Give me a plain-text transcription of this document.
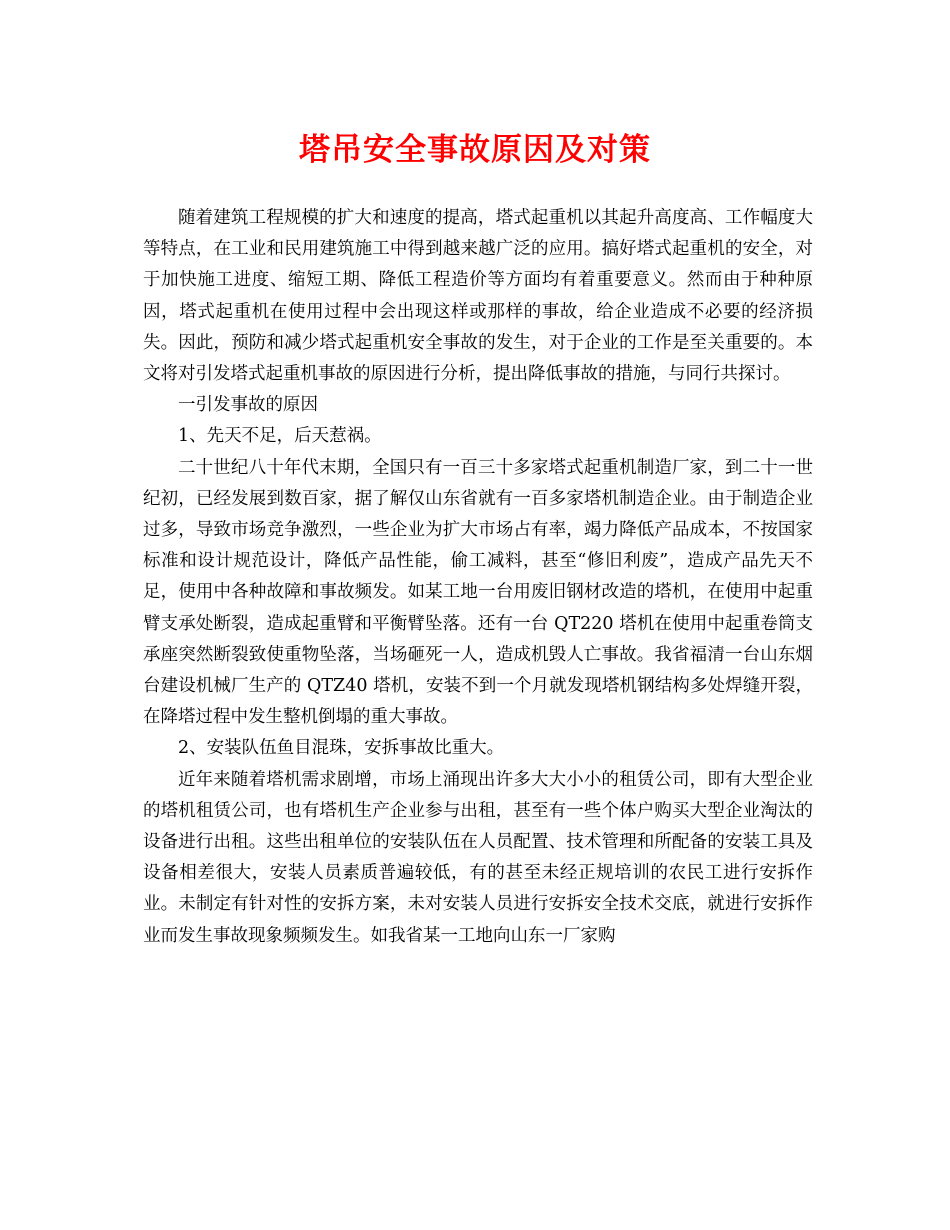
塔吊安全事故原因及对策

随着建筑工程规模的扩大和速度的提高，塔式起重机以其起升高度高、工作幅度大等特点，在工业和民用建筑施工中得到越来越广泛的应用。搞好塔式起重机的安全，对于加快施工进度、缩短工期、降低工程造价等方面均有着重要意义。然而由于种种原因，塔式起重机在使用过程中会出现这样或那样的事故，给企业造成不必要的经济损失。因此，预防和减少塔式起重机安全事故的发生，对于企业的工作是至关重要的。本文将对引发塔式起重机事故的原因进行分析，提出降低事故的措施，与同行共探讨。

一引发事故的原因

1、先天不足，后天惹祸。

二十世纪八十年代末期，全国只有一百三十多家塔式起重机制造厂家，到二十一世纪初，已经发展到数百家，据了解仅山东省就有一百多家塔机制造企业。由于制造企业过多，导致市场竞争激烈，一些企业为扩大市场占有率，竭力降低产品成本，不按国家标准和设计规范设计，降低产品性能，偷工减料，甚至“修旧利废”，造成产品先天不足，使用中各种故障和事故频发。如某工地一台用废旧钢材改造的塔机，在使用中起重臂支承处断裂，造成起重臂和平衡臂坠落。还有一台 QT220 塔机在使用中起重卷筒支承座突然断裂致使重物坠落，当场砸死一人，造成机毁人亡事故。我省福清一台山东烟台建设机械厂生产的 QTZ40 塔机，安装不到一个月就发现塔机钢结构多处焊缝开裂，在降塔过程中发生整机倒塌的重大事故。

2、安装队伍鱼目混珠，安拆事故比重大。

近年来随着塔机需求剧增，市场上涌现出许多大大小小的租赁公司，即有大型企业的塔机租赁公司，也有塔机生产企业参与出租，甚至有一些个体户购买大型企业淘汰的设备进行出租。这些出租单位的安装队伍在人员配置、技术管理和所配备的安装工具及设备相差很大，安装人员素质普遍较低，有的甚至未经正规培训的农民工进行安拆作业。未制定有针对性的安拆方案，未对安装人员进行安拆安全技术交底，就进行安拆作业而发生事故现象频频发生。如我省某一工地向山东一厂家购
